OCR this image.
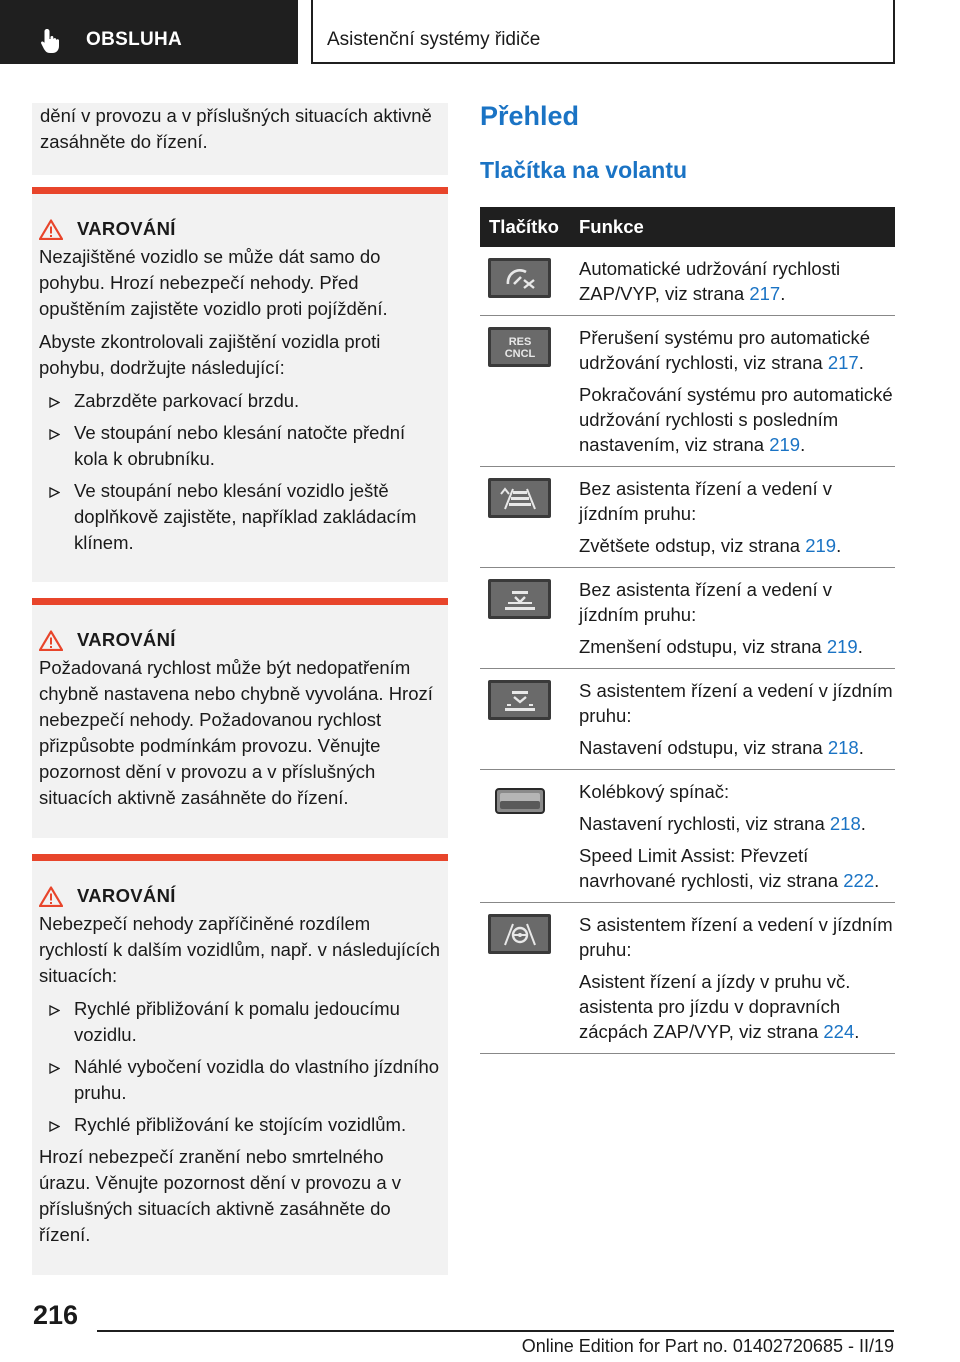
OBSLUHA	Asistenční systémy řidiče

dění v provozu a v příslušných situacích aktivně zasáhněte do řízení.

VAROVÁNÍ

Nezajištěné vozidlo se může dát samo do pohybu. Hrozí nebezpečí nehody. Před opuštěním zajistěte vozidlo proti pojíždění.

Abyste zkontrolovali zajištění vozidla proti pohybu, dodržujte následující:

Zabrzděte parkovací brzdu.
Ve stoupání nebo klesání natočte přední kola k obrubníku.
Ve stoupání nebo klesání vozidlo ještě doplňkově zajistěte, například zakládacím klínem.
VAROVÁNÍ

Požadovaná rychlost může být nedopatřením chybně nastavena nebo chybně vyvolána. Hrozí nebezpečí nehody. Požadovanou rychlost přizpůsobte podmínkám provozu. Věnujte pozornost dění v provozu a v příslušných situacích aktivně zasáhněte do řízení.

VAROVÁNÍ

Nebezpečí nehody zapříčiněné rozdílem rychlostí k dalším vozidlům, např. v následujících situacích:

Rychlé přibližování k pomalu jedoucímu vozidlu.
Náhlé vybočení vozidla do vlastního jízdního pruhu.
Rychlé přibližování ke stojícím vozidlům.

Hrozí nebezpečí zranění nebo smrtelného úrazu. Věnujte pozornost dění v provozu a v příslušných situacích aktivně zasáhněte do řízení.

Přehled
Tlačítka na volantu
Tlačítko	Funkce

Automatické udržování rychlosti ZAP/VYP, viz strana 217.

RES
CNCL

Přerušení systému pro automatické udržování rychlosti, viz strana 217.

Pokračování systému pro automatické udržování rychlosti s posledním nastavením, viz strana 219.

Bez asistenta řízení a vedení v jízdním pruhu:

Zvětšete odstup, viz strana 219.

Bez asistenta řízení a vedení v jízdním pruhu:

Zmenšení odstupu, viz strana 219.

S asistentem řízení a vedení v jízdním pruhu:

Nastavení odstupu, viz strana 218.

Kolébkový spínač:

Nastavení rychlosti, viz strana 218.

Speed Limit Assist: Převzetí navrhované rychlosti, viz strana 222.

S asistentem řízení a vedení v jízdním pruhu:

Asistent řízení a jízdy v pruhu vč. asistenta pro jízdu v dopravních zácpách ZAP/VYP, viz strana 224.

216
Online Edition for Part no. 01402720685 - II/19
